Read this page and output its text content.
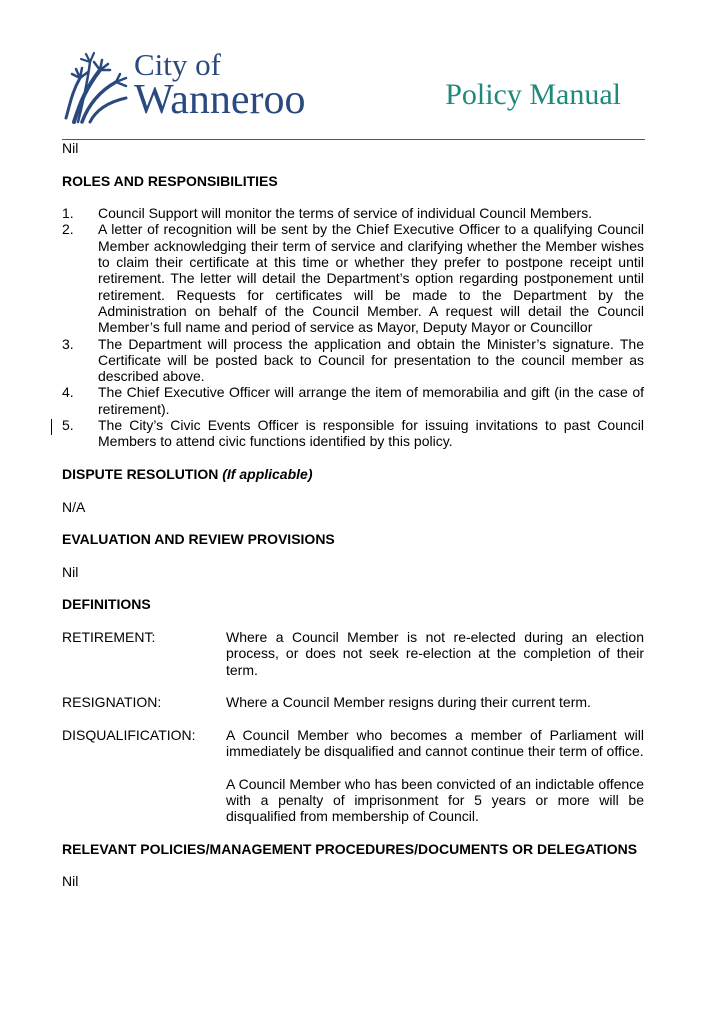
City of
Wanneroo	Policy Manual
Nil
ROLES AND RESPONSIBILITIES
1.	Council Support will monitor the terms of service of individual Council Members.
2.	A letter of recognition will be sent by the Chief Executive Officer to a qualifying Council Member acknowledging their term of service and clarifying whether the Member wishes to claim their certificate at this time or whether they prefer to postpone receipt until retirement. The letter will detail the Department’s option regarding postponement until retirement. Requests for certificates will be made to the Department by the Administration on behalf of the Council Member. A request will detail the Council Member’s full name and period of service as Mayor, Deputy Mayor or Councillor
3.	The Department will process the application and obtain the Minister’s signature. The Certificate will be posted back to Council for presentation to the council member as described above.
4.	The Chief Executive Officer will arrange the item of memorabilia and gift (in the case of retirement).
5.	The City’s Civic Events Officer is responsible for issuing invitations to past Council Members to attend civic functions identified by this policy.
DISPUTE RESOLUTION (If applicable)
N/A
EVALUATION AND REVIEW PROVISIONS
Nil
DEFINITIONS
RETIREMENT:	Where a Council Member is not re-elected during an election process, or does not seek re-election at the completion of their term.
RESIGNATION:	Where a Council Member resigns during their current term.
DISQUALIFICATION:	A Council Member who becomes a member of Parliament will immediately be disqualified and cannot continue their term of office.
A Council Member who has been convicted of an indictable offence with a penalty of imprisonment for 5 years or more will be disqualified from membership of Council.
RELEVANT POLICIES/MANAGEMENT PROCEDURES/DOCUMENTS OR DELEGATIONS
Nil
